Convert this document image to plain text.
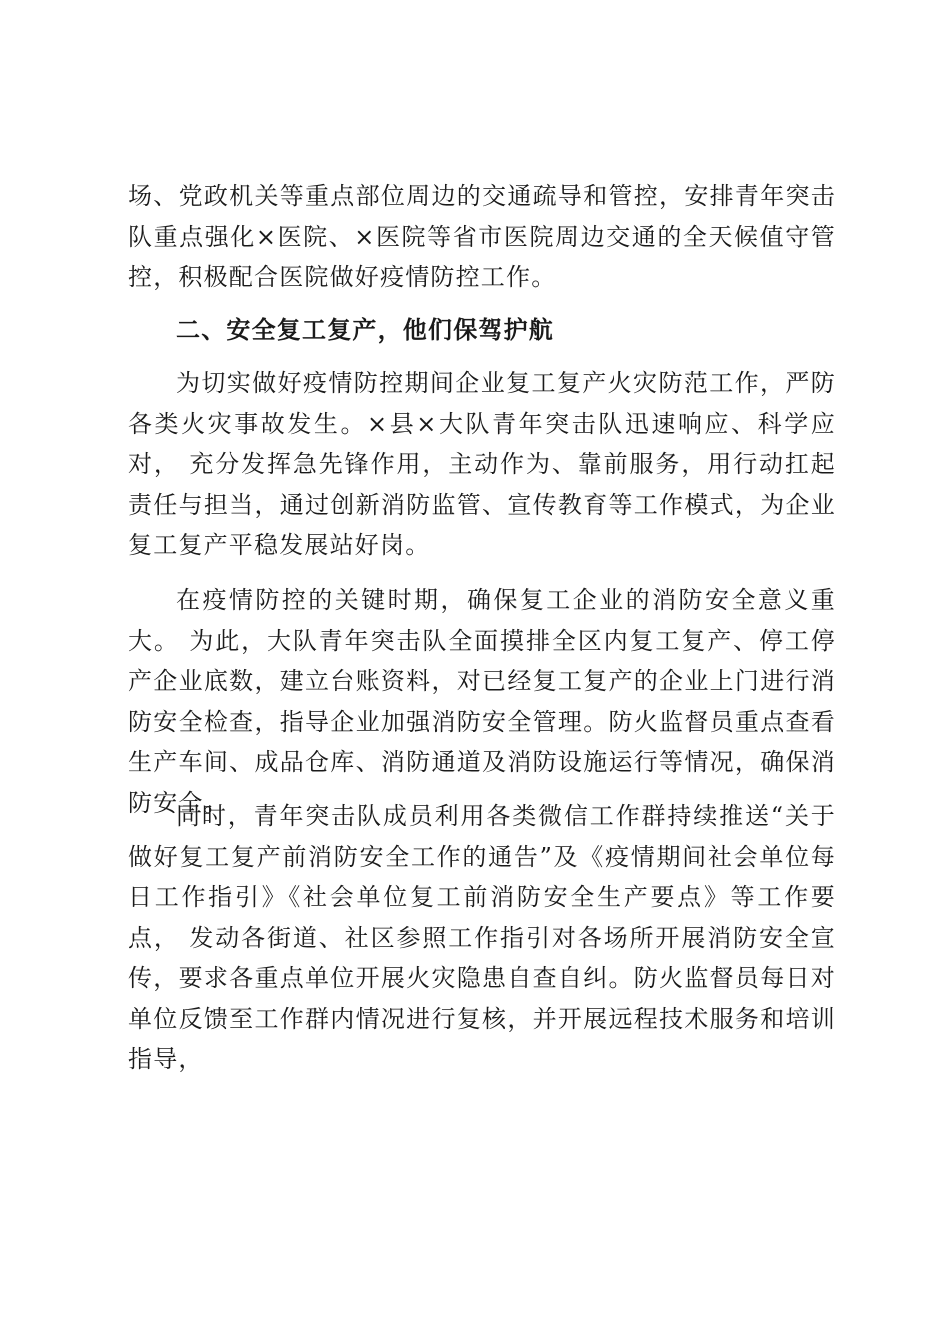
场、党政机关等重点部位周边的交通疏导和管控，安排青年突击 队重点强化×医院、×医院等省市医院周边交通的全天候值守管 控，积极配合医院做好疫情防控工作。
二、安全复工复产，他们保驾护航
为切实做好疫情防控期间企业复工复产火灾防范工作，严防各类火灾事故发生。×县×大队青年突击队迅速响应、科学应对， 充分发挥急先锋作用，主动作为、靠前服务，用行动扛起责任与担当，通过创新消防监管、宣传教育等工作模式，为企业复工复产平稳发展站好岗。
在疫情防控的关键时期，确保复工企业的消防安全意义重大。 为此，大队青年突击队全面摸排全区内复工复产、停工停产企业底数，建立台账资料，对已经复工复产的企业上门进行消防安全检查，指导企业加强消防安全管理。防火监督员重点查看生产车间、成品仓库、消防通道及消防设施运行等情况，确保消防安全。
同时，青年突击队成员利用各类微信工作群持续推送“关于做好复工复产前消防安全工作的通告”及《疫情期间社会单位每日工作指引》《社会单位复工前消防安全生产要点》等工作要点， 发动各街道、社区参照工作指引对各场所开展消防安全宣传，要求各重点单位开展火灾隐患自查自纠。防火监督员每日对单位反馈至工作群内情况进行复核，并开展远程技术服务和培训指导，
